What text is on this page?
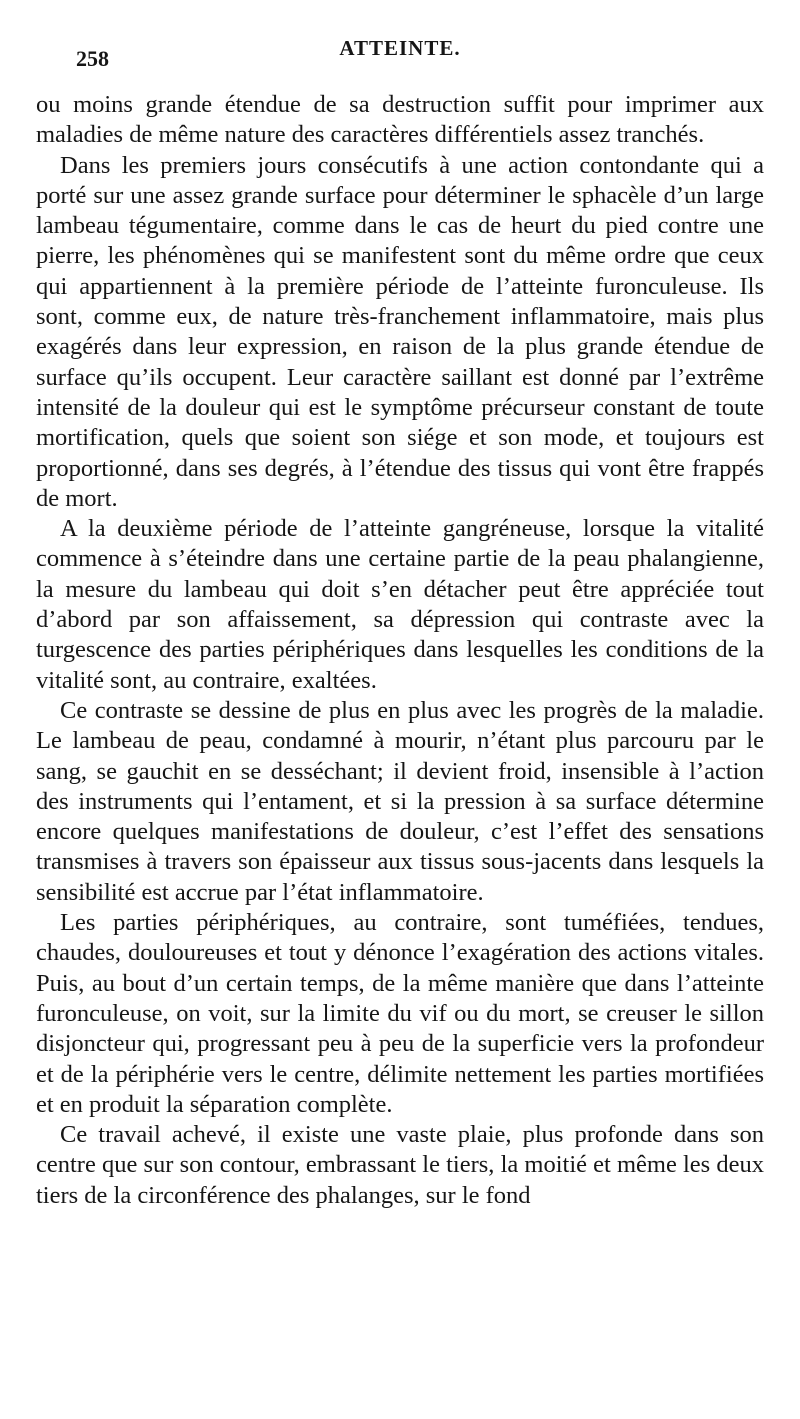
258	ATTEINTE.

ou moins grande étendue de sa destruction suffit pour imprimer aux maladies de même nature des caractères différentiels assez tranchés.

Dans les premiers jours consécutifs à une action contondante qui a porté sur une assez grande surface pour déterminer le sphacèle d’un large lambeau tégumentaire, comme dans le cas de heurt du pied contre une pierre, les phénomènes qui se manifestent sont du même ordre que ceux qui appartiennent à la première période de l’atteinte furonculeuse. Ils sont, comme eux, de nature très-franchement inflammatoire, mais plus exagérés dans leur expression, en raison de la plus grande étendue de surface qu’ils occupent. Leur caractère saillant est donné par l’extrême intensité de la douleur qui est le symptôme précurseur constant de toute mortification, quels que soient son siége et son mode, et toujours est proportionné, dans ses degrés, à l’étendue des tissus qui vont être frappés de mort.

A la deuxième période de l’atteinte gangréneuse, lorsque la vitalité commence à s’éteindre dans une certaine partie de la peau phalangienne, la mesure du lambeau qui doit s’en détacher peut être appréciée tout d’abord par son affaissement, sa dépression qui contraste avec la turgescence des parties périphériques dans lesquelles les conditions de la vitalité sont, au contraire, exaltées.

Ce contraste se dessine de plus en plus avec les progrès de la maladie. Le lambeau de peau, condamné à mourir, n’étant plus parcouru par le sang, se gauchit en se desséchant; il devient froid, insensible à l’action des instruments qui l’entament, et si la pression à sa surface détermine encore quelques manifestations de douleur, c’est l’effet des sensations transmises à travers son épaisseur aux tissus sous-jacents dans lesquels la sensibilité est accrue par l’état inflammatoire.

Les parties périphériques, au contraire, sont tuméfiées, tendues, chaudes, douloureuses et tout y dénonce l’exagération des actions vitales. Puis, au bout d’un certain temps, de la même manière que dans l’atteinte furonculeuse, on voit, sur la limite du vif ou du mort, se creuser le sillon disjoncteur qui, progressant peu à peu de la superficie vers la profondeur et de la périphérie vers le centre, délimite nettement les parties mortifiées et en produit la séparation complète.

Ce travail achevé, il existe une vaste plaie, plus profonde dans son centre que sur son contour, embrassant le tiers, la moitié et même les deux tiers de la circonférence des phalanges, sur le fond
